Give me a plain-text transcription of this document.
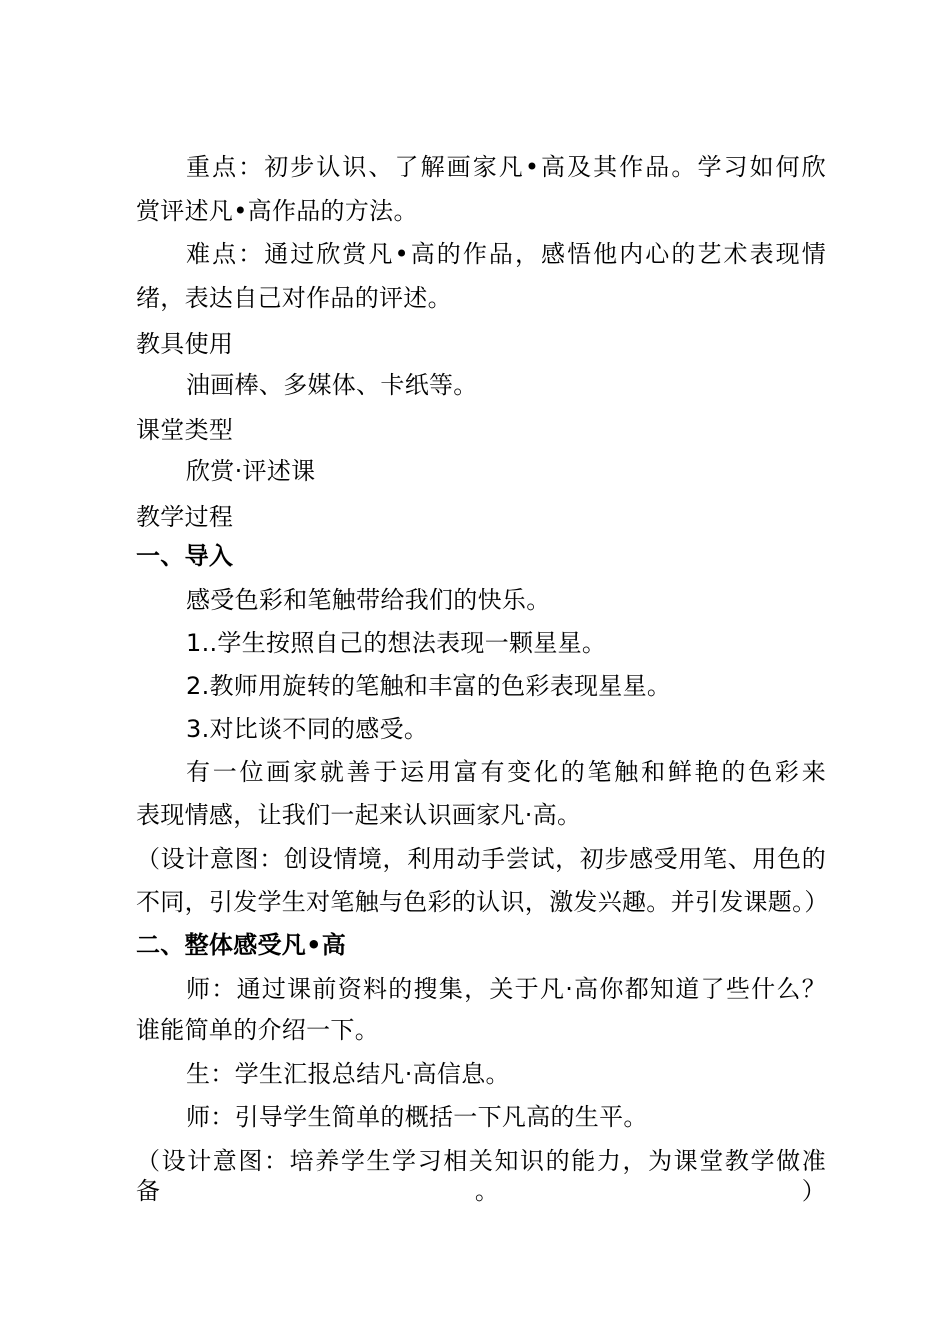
重点：初步认识、了解画家凡•高及其作品。学习如何欣
赏评述凡•高作品的方法。
难点：通过欣赏凡•高的作品，感悟他内心的艺术表现情
绪，表达自己对作品的评述。
教具使用
油画棒、多媒体、卡纸等。
课堂类型
欣赏·评述课
教学过程
一、导入
感受色彩和笔触带给我们的快乐。
1..学生按照自己的想法表现一颗星星。
2.教师用旋转的笔触和丰富的色彩表现星星。
3.对比谈不同的感受。
有一位画家就善于运用富有变化的笔触和鲜艳的色彩来
表现情感，让我们一起来认识画家凡·高。
（设计意图：创设情境，利用动手尝试，初步感受用笔、用色的
不同，引发学生对笔触与色彩的认识，激发兴趣。并引发课题。）
二、整体感受凡•高
师：通过课前资料的搜集，关于凡·高你都知道了些什么？
谁能简单的介绍一下。
生：学生汇报总结凡·高信息。
师：引导学生简单的概括一下凡高的生平。
（设计意图：培养学生学习相关知识的能力，为课堂教学做准备。）
